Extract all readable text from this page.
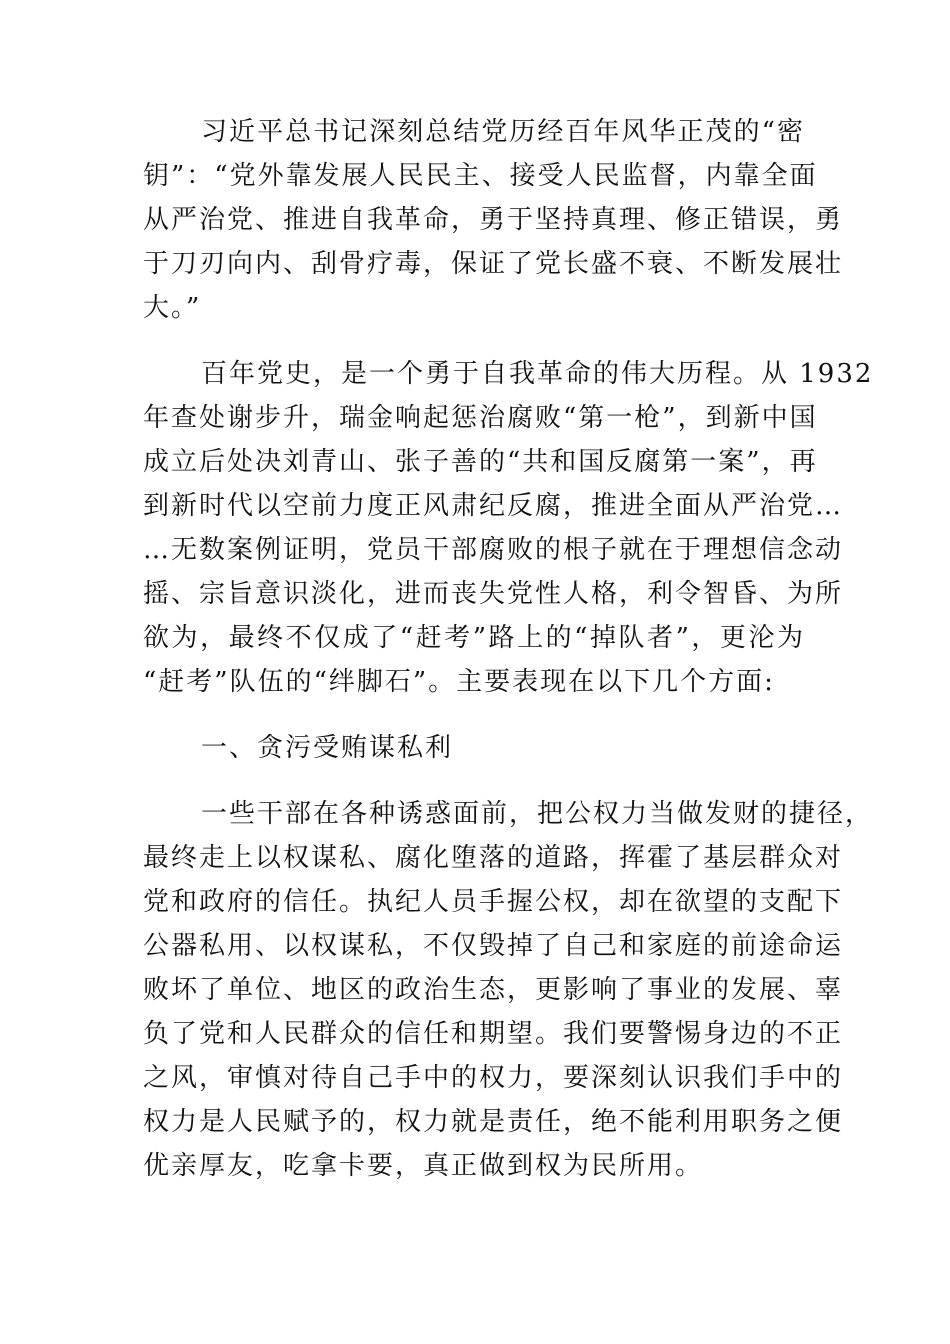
习近平总书记深刻总结党历经百年风华正茂的“密
钥”：“党外靠发展人民民主、接受人民监督，内靠全面
从严治党、推进自我革命，勇于坚持真理、修正错误，勇
于刀刃向内、刮骨疗毒，保证了党长盛不衰、不断发展壮
大。”
百年党史，是一个勇于自我革命的伟大历程。从 1932
年查处谢步升，瑞金响起惩治腐败“第一枪”，到新中国
成立后处决刘青山、张子善的“共和国反腐第一案”，再
到新时代以空前力度正风肃纪反腐，推进全面从严治党…
…无数案例证明，党员干部腐败的根子就在于理想信念动
摇、宗旨意识淡化，进而丧失党性人格，利令智昏、为所
欲为，最终不仅成了“赶考”路上的“掉队者”，更沦为
“赶考”队伍的“绊脚石”。主要表现在以下几个方面:
一、贪污受贿谋私利
一些干部在各种诱惑面前，把公权力当做发财的捷径，
最终走上以权谋私、腐化堕落的道路，挥霍了基层群众对
党和政府的信任。执纪人员手握公权，却在欲望的支配下
公器私用、以权谋私，不仅毁掉了自己和家庭的前途命运
败坏了单位、地区的政治生态，更影响了事业的发展、辜
负了党和人民群众的信任和期望。我们要警惕身边的不正
之风，审慎对待自己手中的权力，要深刻认识我们手中的
权力是人民赋予的，权力就是责任，绝不能利用职务之便
优亲厚友，吃拿卡要，真正做到权为民所用。
